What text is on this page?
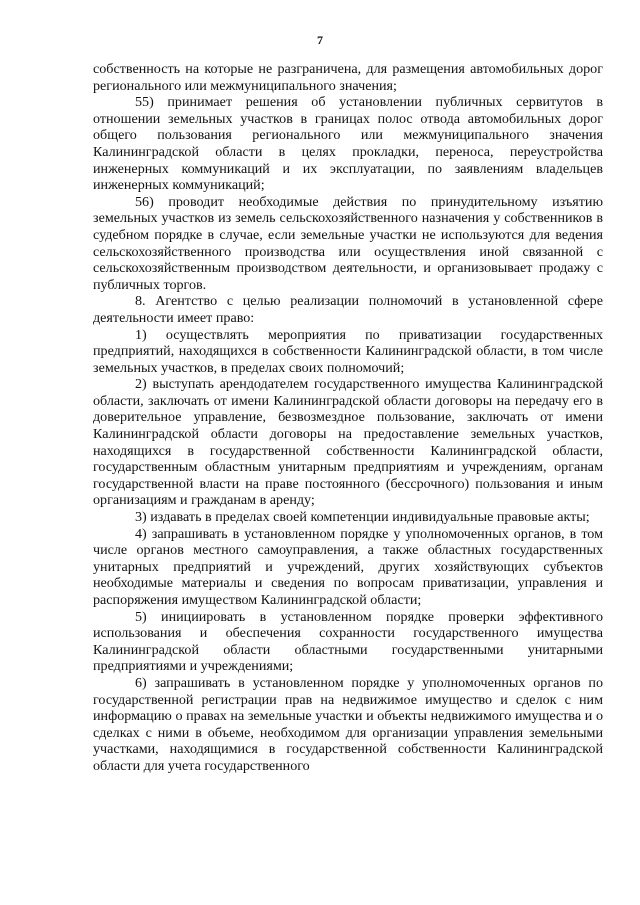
7

собственность на которые не разграничена, для размещения автомобильных дорог регионального или межмуниципального значения;

55) принимает решения об установлении публичных сервитутов в отношении земельных участков в границах полос отвода автомобильных дорог общего пользования регионального или межмуниципального значения Калининградской области в целях прокладки, переноса, переустройства инженерных коммуникаций и их эксплуатации, по заявлениям владельцев инженерных коммуникаций;

56) проводит необходимые действия по принудительному изъятию земельных участков из земель сельскохозяйственного назначения у собственников в судебном порядке в случае, если земельные участки не используются для ведения сельскохозяйственного производства или осуществления иной связанной с сельскохозяйственным производством деятельности, и организовывает продажу с публичных торгов.

8. Агентство с целью реализации полномочий в установленной сфере деятельности имеет право:

1) осуществлять мероприятия по приватизации государственных предприятий, находящихся в собственности Калининградской области, в том числе земельных участков, в пределах своих полномочий;

2) выступать арендодателем государственного имущества Калининградской области, заключать от имени Калининградской области договоры на передачу его в доверительное управление, безвозмездное пользование, заключать от имени Калининградской области договоры на предоставление земельных участков, находящихся в государственной собственности Калининградской области, государственным областным унитарным предприятиям и учреждениям, органам государственной власти на праве постоянного (бессрочного) пользования и иным организациям и гражданам в аренду;

3) издавать в пределах своей компетенции индивидуальные правовые акты;

4) запрашивать в установленном порядке у уполномоченных органов, в том числе органов местного самоуправления, а также областных государственных унитарных предприятий и учреждений, других хозяйствующих субъектов необходимые материалы и сведения по вопросам приватизации, управления и распоряжения имуществом Калининградской области;

5) инициировать в установленном порядке проверки эффективного использования и обеспечения сохранности государственного имущества Калининградской области областными государственными унитарными предприятиями и учреждениями;

6) запрашивать в установленном порядке у уполномоченных органов по государственной регистрации прав на недвижимое имущество и сделок с ним информацию о правах на земельные участки и объекты недвижимого имущества и о сделках с ними в объеме, необходимом для организации управления земельными участками, находящимися в государственной собственности Калининградской области для учета государственного
